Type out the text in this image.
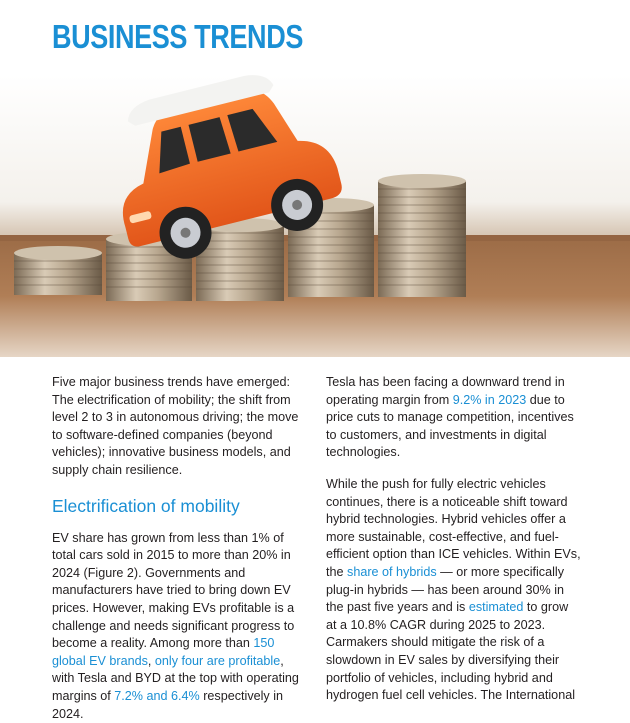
BUSINESS TRENDS

Five major business trends have emerged: The electrification of mobility; the shift from level 2 to 3 in autonomous driving; the move to software-defined companies (beyond vehicles); innovative business models, and supply chain resilience.

Electrification of mobility

EV share has grown from less than 1% of total cars sold in 2015 to more than 20% in 2024 (Figure 2). Governments and manufacturers have tried to bring down EV prices. However, making EVs profitable is a challenge and needs significant progress to become a reality. Among more than 150 global EV brands, only four are profitable, with Tesla and BYD at the top with operating margins of 7.2% and 6.4% respectively in 2024.

Tesla has been facing a downward trend in operating margin from 9.2% in 2023 due to price cuts to manage competition, incentives to customers, and investments in digital technologies.

While the push for fully electric vehicles continues, there is a noticeable shift toward hybrid technologies. Hybrid vehicles offer a more sustainable, cost-effective, and fuel-efficient option than ICE vehicles. Within EVs, the share of hybrids — or more specifically plug-in hybrids — has been around 30% in the past five years and is estimated to grow at a 10.8% CAGR during 2025 to 2023. Carmakers should mitigate the risk of a slowdown in EV sales by diversifying their portfolio of vehicles, including hybrid and hydrogen fuel cell vehicles. The International
